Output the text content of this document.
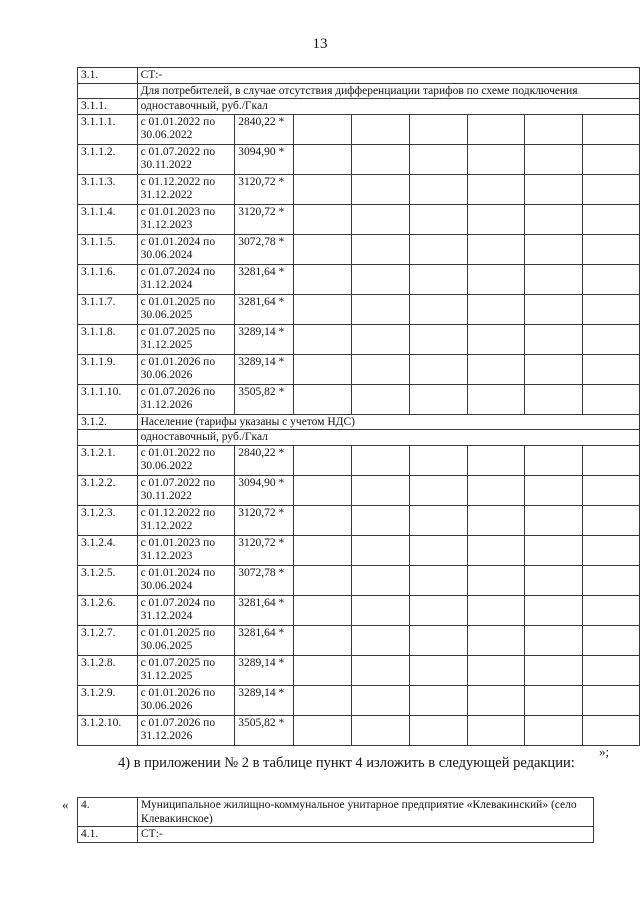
13
3.1.	СТ:-							
	Для потребителей, в случае отсутствия дифференциации тарифов по схеме подключения							
3.1.1.	одноставочный, руб./Гкал							
3.1.1.1.	с 01.01.2022 по 30.06.2022	2840,22 *						
3.1.1.2.	с 01.07.2022 по 30.11.2022	3094,90 *						
3.1.1.3.	с 01.12.2022 по 31.12.2022	3120,72 *						
3.1.1.4.	с 01.01.2023 по 31.12.2023	3120,72 *						
3.1.1.5.	с 01.01.2024 по 30.06.2024	3072,78 *						
3.1.1.6.	с 01.07.2024 по 31.12.2024	3281,64 *						
3.1.1.7.	с 01.01.2025 по 30.06.2025	3281,64 *						
3.1.1.8.	с 01.07.2025 по 31.12.2025	3289,14 *						
3.1.1.9.	с 01.01.2026 по 30.06.2026	3289,14 *						
3.1.1.10.	с 01.07.2026 по 31.12.2026	3505,82 *						
3.1.2.	Население (тарифы указаны с учетом НДС)							
	одноставочный, руб./Гкал							
3.1.2.1.	с 01.01.2022 по 30.06.2022	2840,22 *						
3.1.2.2.	с 01.07.2022 по 30.11.2022	3094,90 *						
3.1.2.3.	с 01.12.2022 по 31.12.2022	3120,72 *						
3.1.2.4.	с 01.01.2023 по 31.12.2023	3120,72 *						
3.1.2.5.	с 01.01.2024 по 30.06.2024	3072,78 *						
3.1.2.6.	с 01.07.2024 по 31.12.2024	3281,64 *						
3.1.2.7.	с 01.01.2025 по 30.06.2025	3281,64 *						
3.1.2.8.	с 01.07.2025 по 31.12.2025	3289,14 *						
3.1.2.9.	с 01.01.2026 по 30.06.2026	3289,14 *						
3.1.2.10.	с 01.07.2026 по 31.12.2026	3505,82 *						
»;
4) в приложении № 2 в таблице пункт 4 изложить в следующей редакции:
« 4.	Муниципальное жилищно-коммунальное унитарное предприятие «Клевакинский» (село Клевакинское)
4.1.	СТ:-
